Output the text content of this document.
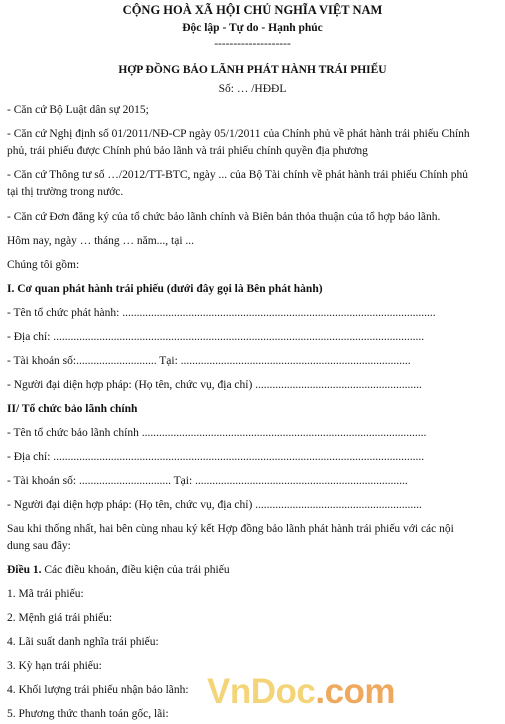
CỘNG HOÀ XÃ HỘI CHỦ NGHĨA VIỆT NAM
Độc lập - Tự do - Hạnh phúc
--------------------
HỢP ĐỒNG BẢO LÃNH PHÁT HÀNH TRÁI PHIẾU
Số: … /HĐĐL
- Căn cứ Bộ Luật dân sự 2015;
- Căn cứ Nghị định số 01/2011/NĐ-CP ngày 05/1/2011 của Chính phủ về phát hành trái phiếu Chính
phủ, trái phiếu được Chính phủ bảo lãnh và trái phiếu chính quyền địa phương
- Căn cứ Thông tư số …/2012/TT-BTC, ngày ... của Bộ Tài chính về phát hành trái phiếu Chính phủ
tại thị trường trong nước.
- Căn cứ Đơn đăng ký của tổ chức bảo lãnh chính và Biên bản thỏa thuận của tổ hợp bảo lãnh.
Hôm nay, ngày … tháng … năm..., tại ...
Chúng tôi gồm:
I. Cơ quan phát hành trái phiếu (dưới đây gọi là Bên phát hành)
- Tên tổ chức phát hành: .............................................................................................................
- Địa chỉ: .................................................................................................................................
- Tài khoản số:............................ Tại: ................................................................................
- Người đại diện hợp pháp: (Họ tên, chức vụ, địa chỉ) ..........................................................
II/ Tổ chức bảo lãnh chính
- Tên tổ chức bảo lãnh chính ...................................................................................................
- Địa chỉ: .................................................................................................................................
- Tài khoản số: ................................ Tại: ..........................................................................
- Người đại diện hợp pháp: (Họ tên, chức vụ, địa chỉ) ..........................................................
Sau khi thống nhất, hai bên cùng nhau ký kết Hợp đồng bảo lãnh phát hành trái phiếu với các nội
dung sau đây:
Điều 1. Các điều khoản, điều kiện của trái phiếu
1. Mã trái phiếu:
2. Mệnh giá trái phiếu:
4. Lãi suất danh nghĩa trái phiếu:
3. Kỳ hạn trái phiếu:
4. Khối lượng trái phiếu nhận bảo lãnh:
5. Phương thức thanh toán gốc, lãi:
VnDoc.com
